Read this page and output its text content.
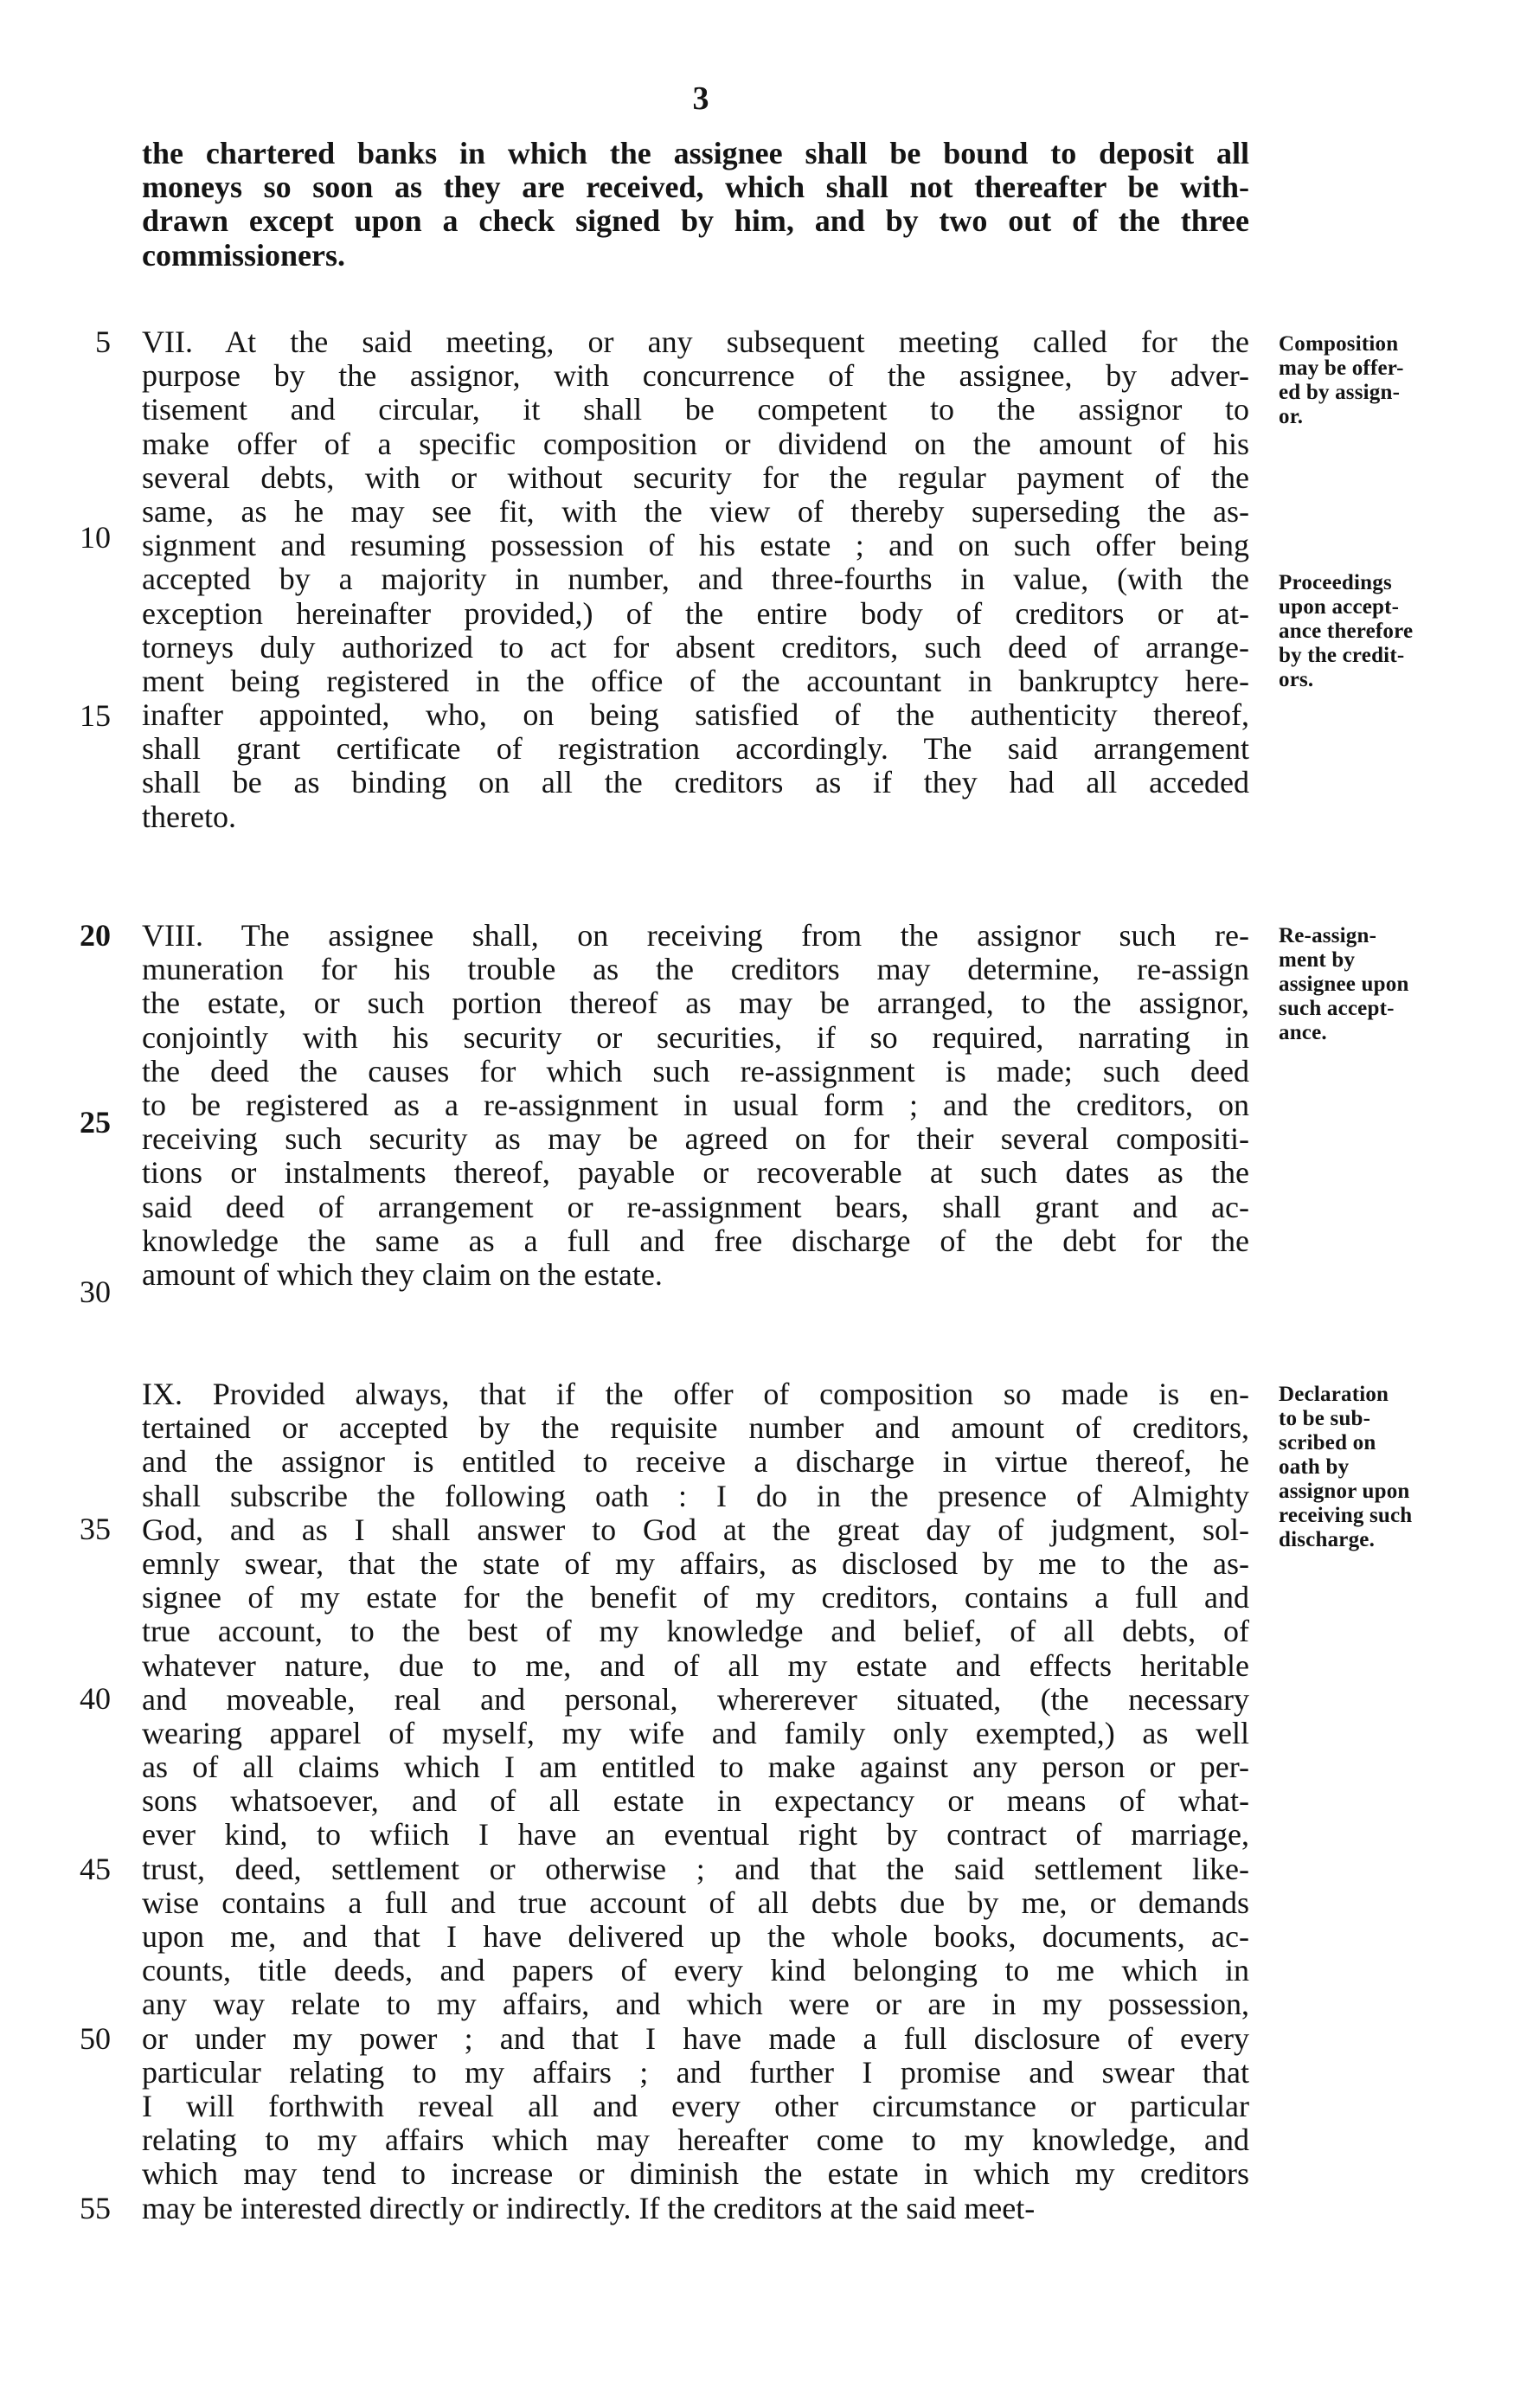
3
the chartered banks in which the assignee shall be bound to deposit all
moneys so soon as they are received, which shall not thereafter be with-
drawn except upon a check signed by him, and by two out of the three
commissioners.
VII. At the said meeting, or any subsequent meeting called for the
purpose by the assignor, with concurrence of the assignee, by adver-
tisement and circular, it shall be competent to the assignor to
make offer of a specific composition or dividend on the amount of his
several debts, with or without security for the regular payment of the
same, as he may see fit, with the view of thereby superseding the as-
signment and resuming possession of his estate ; and on such offer being
accepted by a majority in number, and three-fourths in value, (with the
exception hereinafter provided,) of the entire body of creditors or at-
torneys duly authorized to act for absent creditors, such deed of arrange-
ment being registered in the office of the accountant in bankruptcy here-
inafter appointed, who, on being satisfied of the authenticity thereof,
shall grant certificate of registration accordingly. The said arrangement
shall be as binding on all the creditors as if they had all acceded
thereto.
VIII. The assignee shall, on receiving from the assignor such re-
muneration for his trouble as the creditors may determine, re-assign
the estate, or such portion thereof as may be arranged, to the assignor,
conjointly with his security or securities, if so required, narrating in
the deed the causes for which such re-assignment is made; such deed
to be registered as a re-assignment in usual form ; and the creditors, on
receiving such security as may be agreed on for their several compositi-
tions or instalments thereof, payable or recoverable at such dates as the
said deed of arrangement or re-assignment bears, shall grant and ac-
knowledge the same as a full and free discharge of the debt for the
amount of which they claim on the estate.
IX. Provided always, that if the offer of composition so made is en-
tertained or accepted by the requisite number and amount of creditors,
and the assignor is entitled to receive a discharge in virtue thereof, he
shall subscribe the following oath : I do in the presence of Almighty
God, and as I shall answer to God at the great day of judgment, sol-
emnly swear, that the state of my affairs, as disclosed by me to the as-
signee of my estate for the benefit of my creditors, contains a full and
true account, to the best of my knowledge and belief, of all debts, of
whatever nature, due to me, and of all my estate and effects heritable
and moveable, real and personal, whererever situated, (the necessary
wearing apparel of myself, my wife and family only exempted,) as well
as of all claims which I am entitled to make against any person or per-
sons whatsoever, and of all estate in expectancy or means of what-
ever kind, to wfiich I have an eventual right by contract of marriage,
trust, deed, settlement or otherwise ; and that the said settlement like-
wise contains a full and true account of all debts due by me, or demands
upon me, and that I have delivered up the whole books, documents, ac-
counts, title deeds, and papers of every kind belonging to me which in
any way relate to my affairs, and which were or are in my possession,
or under my power ; and that I have made a full disclosure of every
particular relating to my affairs ; and further I promise and swear that
I will forthwith reveal all and every other circumstance or particular
relating to my affairs which may hereafter come to my knowledge, and
which may tend to increase or diminish the estate in which my creditors
may be interested directly or indirectly. If the creditors at the said meet-
5
10
15
20
25
30
35
40
45
50
55
Composition
may be offer-
ed by assign-
or.
Proceedings
upon accept-
ance therefore
by the credit-
ors.
Re-assign-
ment by
assignee upon
such accept-
ance.
Declaration
to be sub-
scribed on
oath by
assignor upon
receiving such
discharge.
